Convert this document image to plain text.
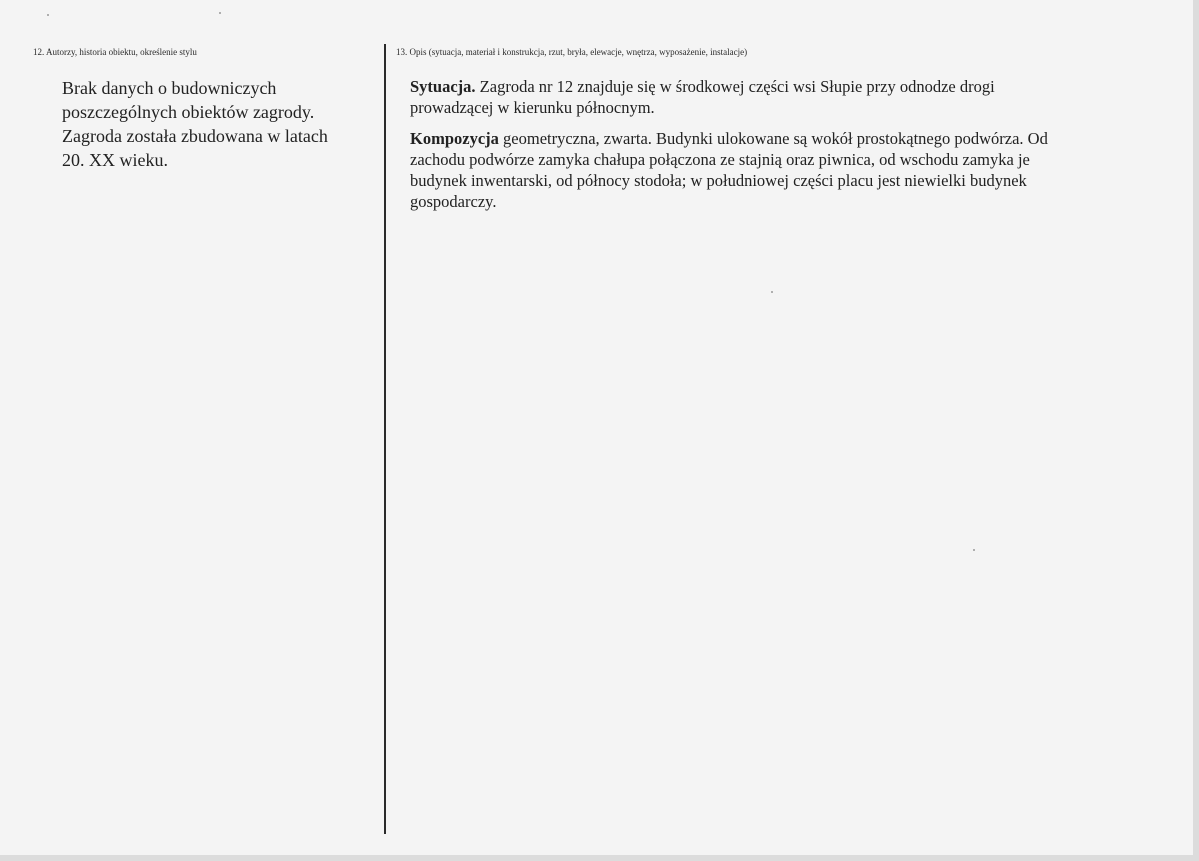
12. Autorzy, historia obiektu, określenie stylu

Brak danych o budowniczych

poszczególnych obiektów zagrody.

Zagroda została zbudowana w latach

20. XX wieku.

13. Opis (sytuacja, materiał i konstrukcja, rzut, bryła, elewacje, wnętrza, wyposażenie, instalacje)

Sytuacja. Zagroda nr 12 znajduje się w środkowej części wsi Słupie przy odnodze drogi
prowadzącej w kierunku północnym.

Kompozycja geometryczna, zwarta. Budynki ulokowane są wokół prostokątnego podwórza. Od
zachodu podwórze zamyka chałupa połączona ze stajnią oraz piwnica, od wschodu zamyka je
budynek inwentarski, od północy stodoła; w południowej części placu jest niewielki budynek
gospodarczy.
